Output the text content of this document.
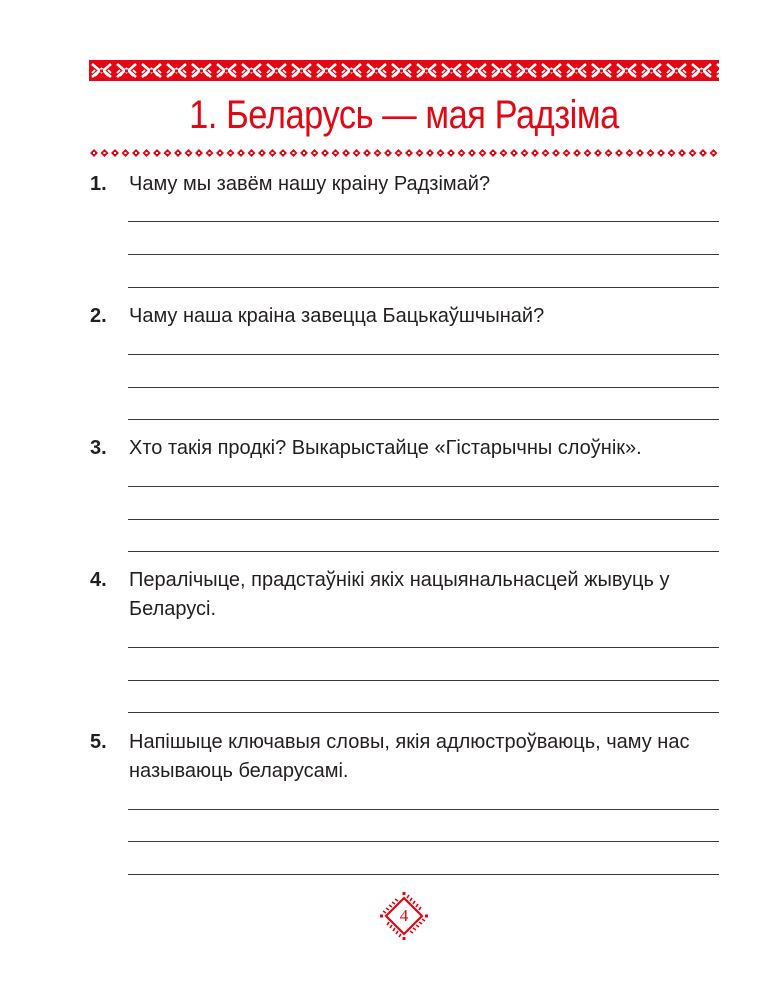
1. Беларусь — мая Радзіма
1.	Чаму мы завём нашу краіну Радзімай?
2.	Чаму наша краіна завецца Бацькаўшчынай?
3.	Хто такія продкі? Выкарыстайце «Гістарычны слоўнік».
4.	Пералічыце, прадстаўнікі якіх нацыянальнасцей жывуць у Беларусі.
5.	Напішыце ключавыя словы, якія адлюстроўваюць, чаму нас называюць беларусамі.
4
